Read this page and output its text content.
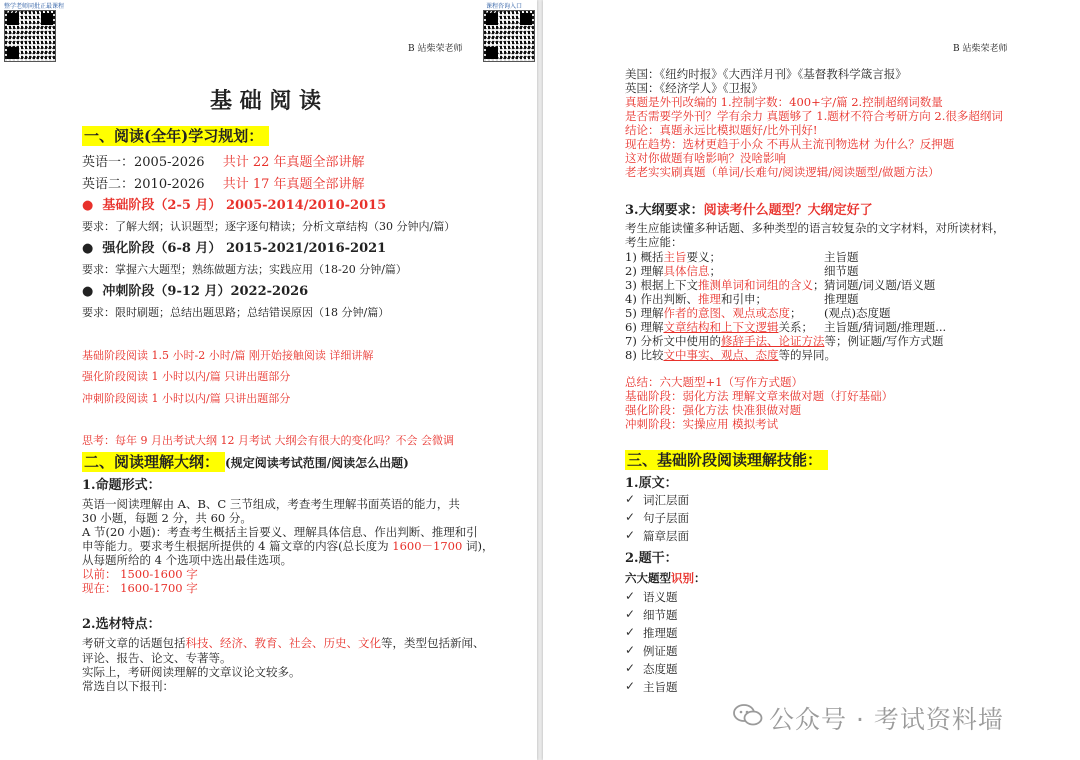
整学老师同批正最课程	课程咨询入口
B 站柴荣老师
基 础 阅 读
一、阅读(全年)学习规划：
英语一：2005-2026 共计 22 年真题全部讲解
英语二：2010-2026 共计 17 年真题全部讲解
●  基础阶段（2-5 月） 2005-2014/2010-2015
要求：了解大纲；认识题型；逐字逐句精读；分析文章结构（30 分钟内/篇）
●  强化阶段（6-8 月） 2015-2021/2016-2021
要求：掌握六大题型；熟练做题方法；实践应用（18-20 分钟/篇）
●  冲刺阶段（9-12 月）2022-2026
要求：限时刷题；总结出题思路；总结错误原因（18 分钟/篇）
基础阶段阅读 1.5 小时-2 小时/篇 刚开始接触阅读 详细讲解
强化阶段阅读 1 小时以内/篇 只讲出题部分
冲刺阶段阅读 1 小时以内/篇 只讲出题部分
思考：每年 9 月出考试大纲 12 月考试 大纲会有很大的变化吗？不会 会微调
二、阅读理解大纲： (规定阅读考试范围/阅读怎么出题)
1.命题形式：
英语一阅读理解由 A、B、C 三节组成，考查考生理解书面英语的能力，共
30 小题，每题 2 分，共 60 分。
A 节(20 小题)：考查考生概括主旨要义、理解具体信息、作出判断、推理和引
申等能力。要求考生根据所提供的 4 篇文章的内容(总长度为 1600－1700 词)，
从每题所给的 4 个选项中选出最佳选项。
以前： 1500-1600 字
现在： 1600-1700 字
2.选材特点：
考研文章的话题包括科技、经济、教育、社会、历史、文化等，类型包括新闻、
评论、报告、论文、专著等。
实际上，考研阅读理解的文章议论文较多。
常选自以下报刊：
B 站柴荣老师
美国：《纽约时报》《大西洋月刊》《基督教科学箴言报》
英国：《经济学人》《卫报》
真题是外刊改编的 1.控制字数：400+字/篇 2.控制超纲词数量
是否需要学外刊？学有余力 真题够了 1.题材不符合考研方向 2.很多超纲词
结论：真题永远比模拟题好/比外刊好!
现在趋势：选材更趋于小众 不再从主流刊物选材 为什么？反押题
这对你做题有啥影响？没啥影响
老老实实刷真题（单词/长难句/阅读逻辑/阅读题型/做题方法）
3.大纲要求：阅读考什么题型？大纲定好了
考生应能读懂多种话题、多种类型的语言较复杂的文字材料，对所读材料，
考生应能：
1) 概括主旨要义；	主旨题
2) 理解具体信息；	细节题
3) 根据上下文推测单词和词组的含义； 猜词题/词义题/语义题
4) 作出判断、推理和引申；	推理题
5) 理解作者的意图、观点或态度； (观点)态度题
6) 理解文章结构和上下文逻辑关系； 主旨题/猜词题/推理题...
7) 分析文中使用的修辞手法、论证方法等；例证题/写作方式题
8) 比较文中事实、观点、态度等的异同。
总结：六大题型+1（写作方式题）
基础阶段：弱化方法 理解文章来做对题（打好基础）
强化阶段：强化方法 快准狠做对题
冲刺阶段：实操应用 模拟考试
三、基础阶段阅读理解技能：
1.原文：
✓ 词汇层面
✓ 句子层面
✓ 篇章层面
2.题干：
六大题型识别：
✓ 语义题
✓ 细节题
✓ 推理题
✓ 例证题
✓ 态度题
✓ 主旨题
公众号 · 考试资料墙
